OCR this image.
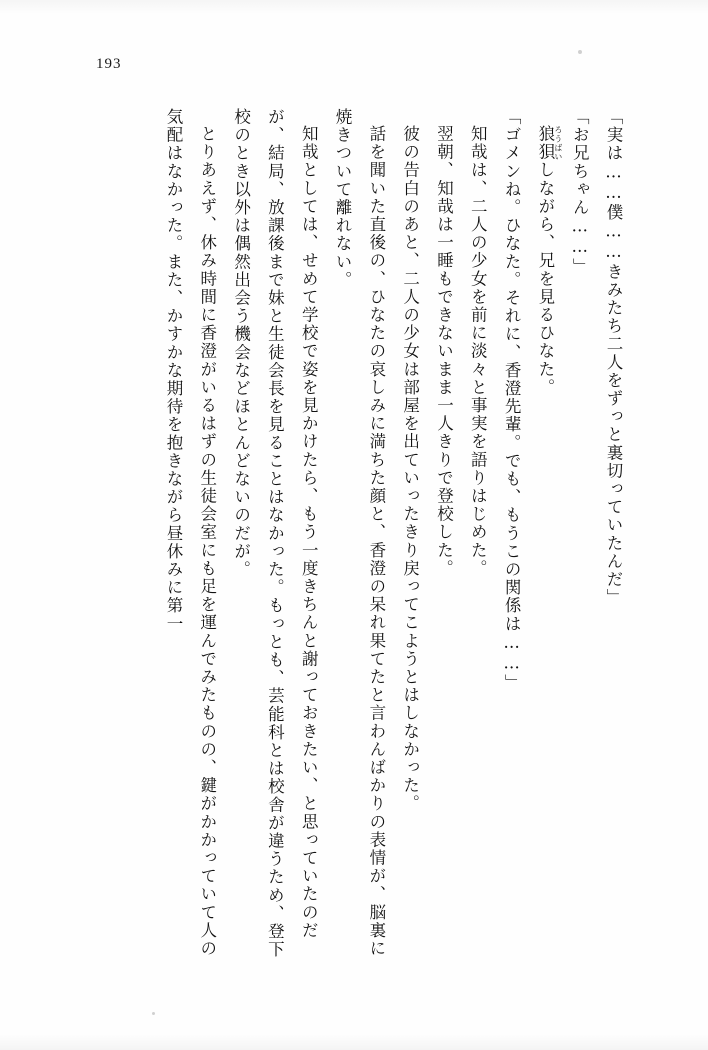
193

「実は……僕……きみたち二人をずっと裏切っていたんだ」

「お兄ちゃん……」

狼狽 ろうばいしながら、兄を見るひなた。

「ゴメンね。ひなた。それに、香澄先輩。でも、もうこの関係は……」

知哉は、二人の少女を前に淡々と事実を語りはじめた。

翌朝、知哉は一睡もできないまま一人きりで登校した。

彼の告白のあと、二人の少女は部屋を出ていったきり戻ってこようとはしなかった。

話を聞いた直後の、ひなたの哀しみに満ちた顔と、香澄の呆れ果てたと言わんばかりの表情が、脳裏に焼きついて離れない。

知哉としては、せめて学校で姿を見かけたら、もう一度きちんと謝っておきたい、と思っていたのだが、結局、放課後まで妹と生徒会長を見ることはなかった。もっとも、芸能科とは校舎が違うため、登下校のとき以外は偶然出会う機会などほとんどないのだが。

とりあえず、休み時間に香澄がいるはずの生徒会室にも足を運んでみたものの、鍵がかかっていて人の気配はなかった。また、かすかな期待を抱きながら昼休みに第一
